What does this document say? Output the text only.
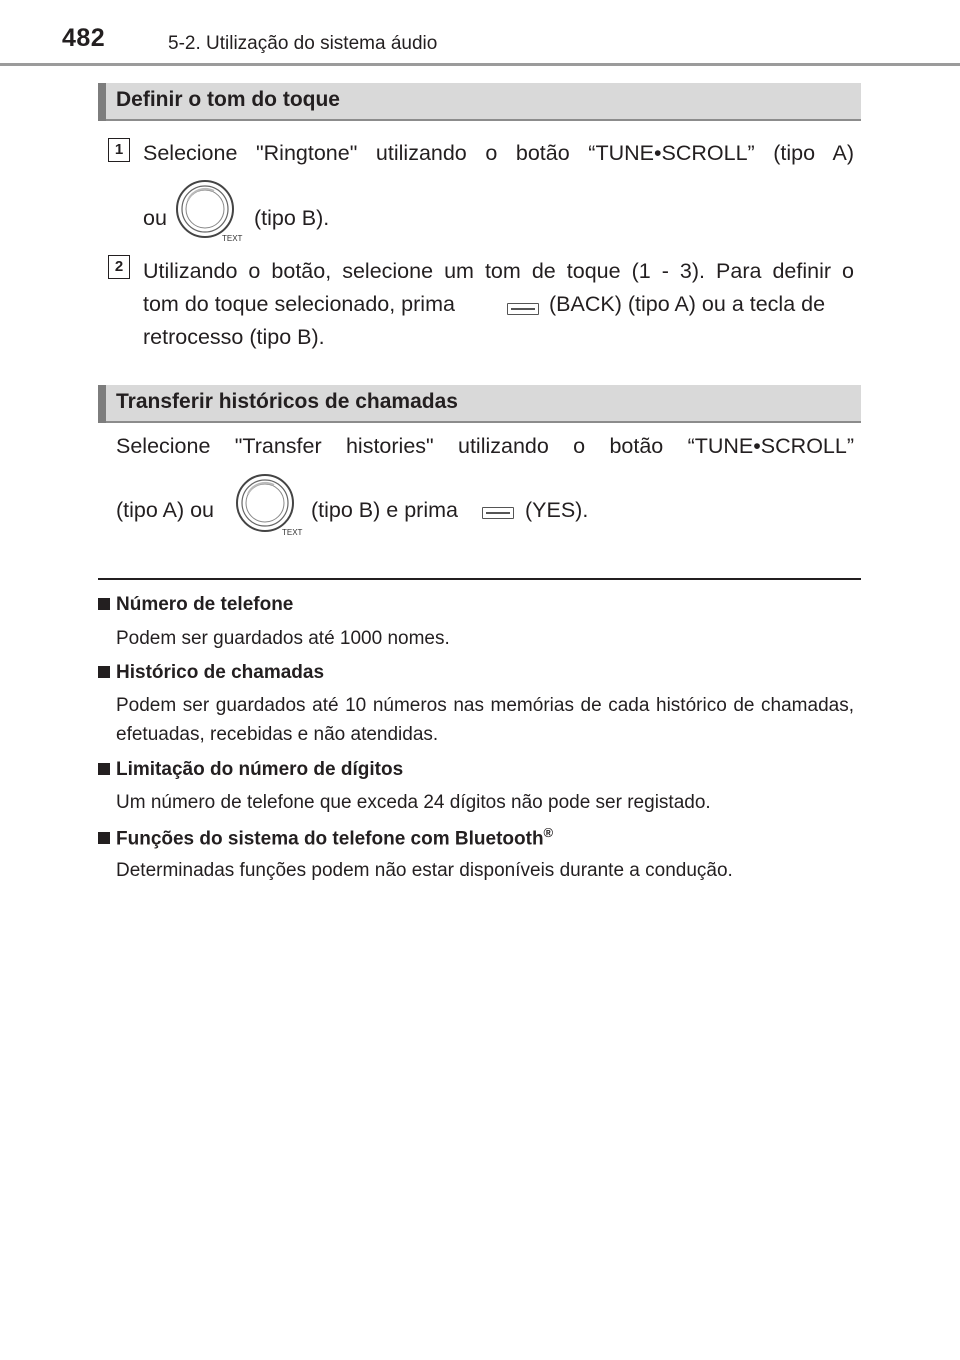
482	5-2. Utilização do sistema áudio
Definir o tom do toque
1 Selecione "Ringtone" utilizando o botão “TUNE•SCROLL” (tipo A)
ou
TEXT
(tipo B).
2 Utilizando o botão, selecione um tom de toque (1 - 3). Para definir o
tom do toque selecionado, prima	(BACK) (tipo A) ou a tecla de
retrocesso (tipo B).
Transferir históricos de chamadas
Selecione "Transfer histories" utilizando o botão “TUNE•SCROLL”
(tipo A) ou
TEXT
(tipo B) e prima	(YES).
Número de telefone
Podem ser guardados até 1000 nomes.
Histórico de chamadas
Podem ser guardados até 10 números nas memórias de cada histórico de chamadas, efetuadas, recebidas e não atendidas.
Limitação do número de dígitos
Um número de telefone que exceda 24 dígitos não pode ser registado.
Funções do sistema do telefone com Bluetooth®
Determinadas funções podem não estar disponíveis durante a condução.
